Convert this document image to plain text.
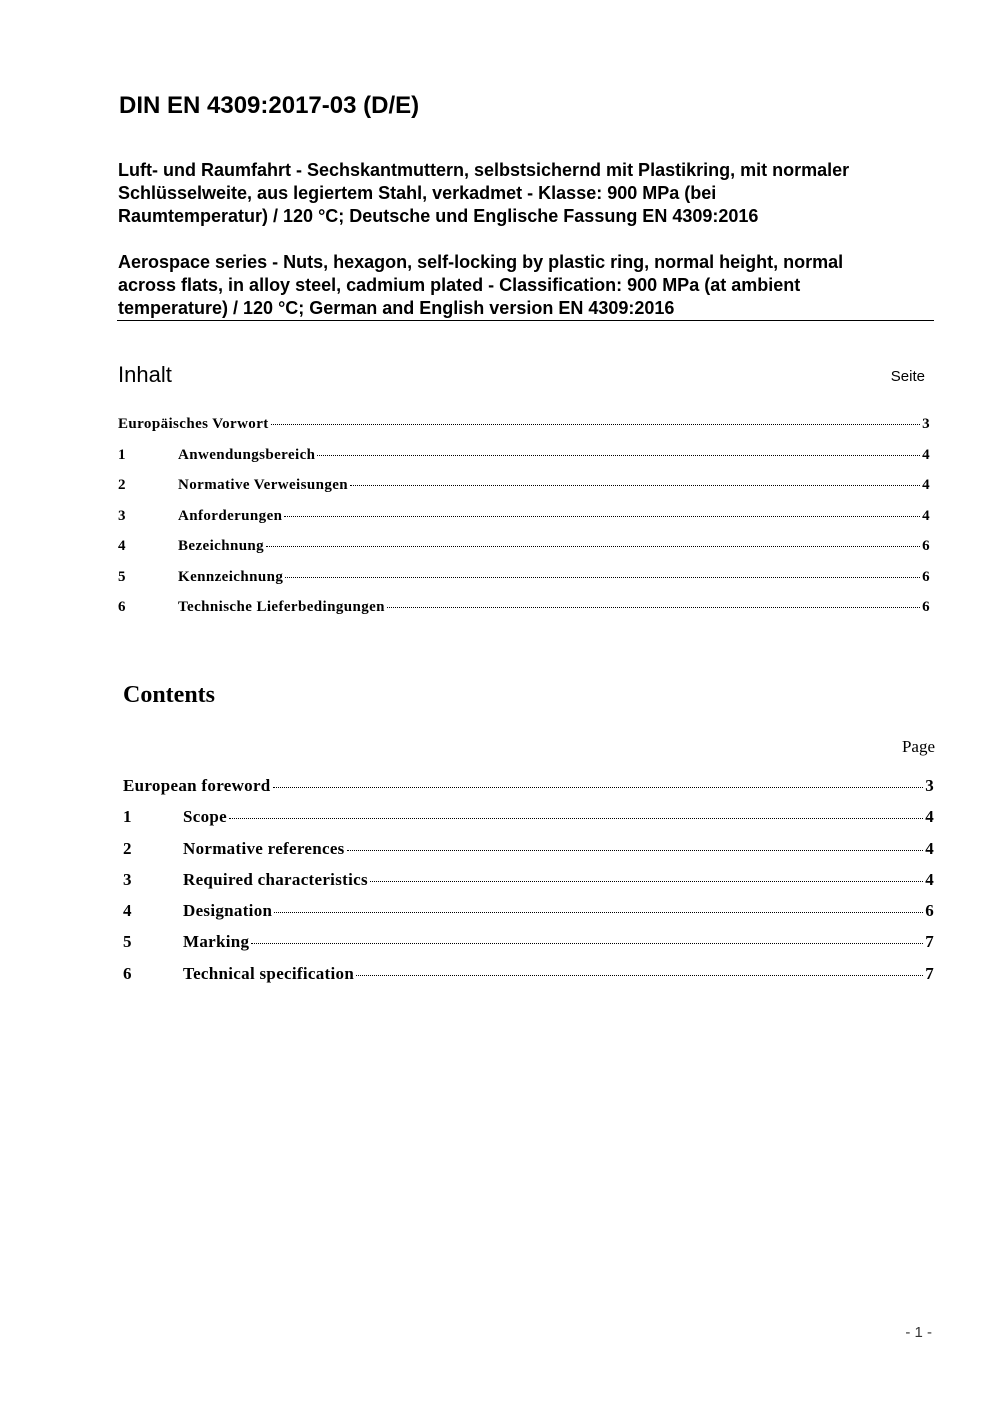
DIN EN 4309:2017-03 (D/E)
Luft- und Raumfahrt - Sechskantmuttern, selbstsichernd mit Plastikring, mit normaler
Schlüsselweite, aus legiertem Stahl, verkadmet - Klasse: 900 MPa (bei
Raumtemperatur) / 120 °C; Deutsche und Englische Fassung EN 4309:2016
Aerospace series - Nuts, hexagon, self-locking by plastic ring, normal height, normal
across flats, in alloy steel, cadmium plated - Classification: 900 MPa (at ambient
temperature) / 120 °C; German and English version EN 4309:2016
Inhalt	Seite
Europäisches Vorwort	3
1	Anwendungsbereich	4
2	Normative Verweisungen	4
3	Anforderungen	4
4	Bezeichnung	6
5	Kennzeichnung	6
6	Technische Lieferbedingungen	6
Contents
Page
European foreword	3
1	Scope	4
2	Normative references	4
3	Required characteristics	4
4	Designation	6
5	Marking	7
6	Technical specification	7
- 1 -
